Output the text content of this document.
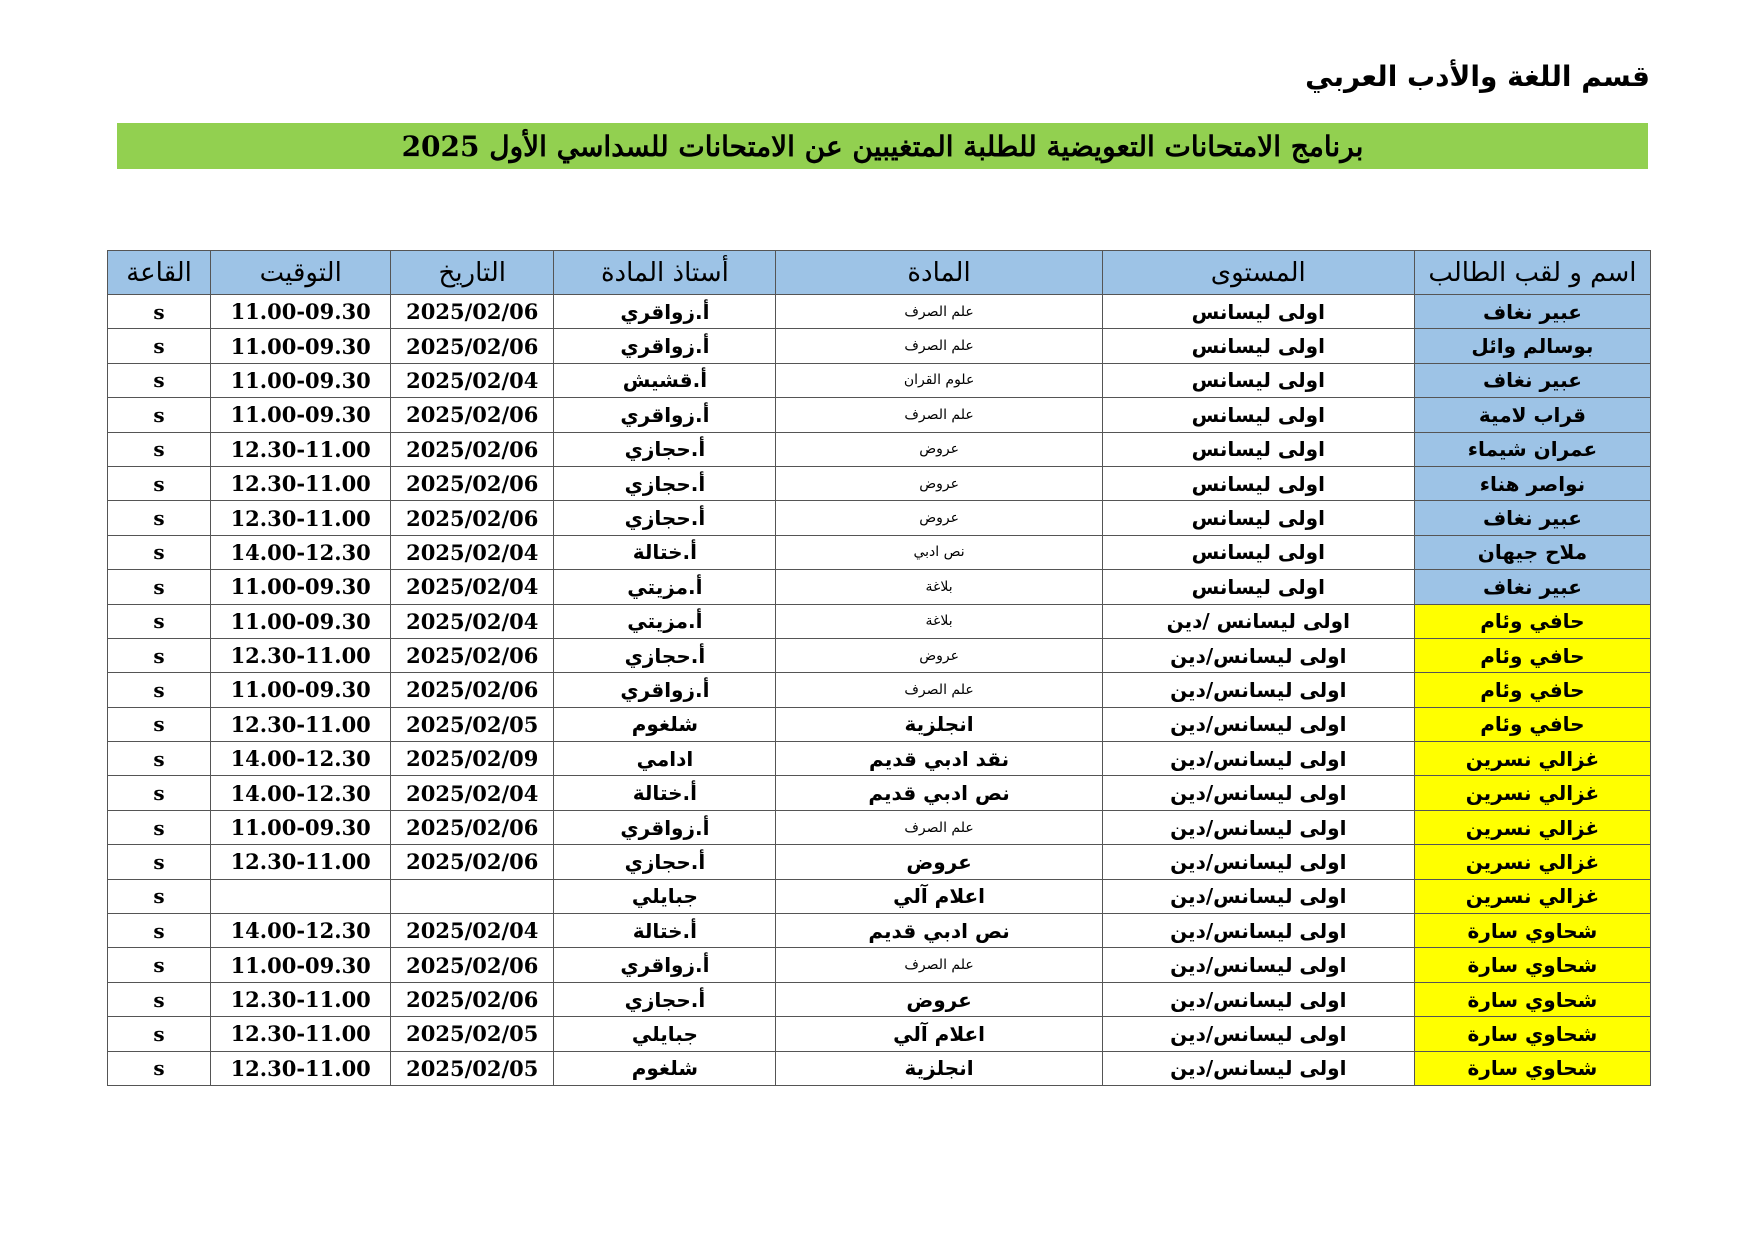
قسم اللغة والأدب العربي
برنامج الامتحانات التعويضية للطلبة المتغيبين عن الامتحانات للسداسي الأول 2025
اسم و لقب الطالب	المستوى	المادة	أستاذ المادة	التاريخ	التوقيت	القاعة
عبير نغاف	اولى ليسانس	علم الصرف	أ.زواقري	2025/02/06	11.00-09.30	s
بوسالم وائل	اولى ليسانس	علم الصرف	أ.زواقري	2025/02/06	11.00-09.30	s
عبير نغاف	اولى ليسانس	علوم القران	أ.قشيش	2025/02/04	11.00-09.30	s
قراب لامية	اولى ليسانس	علم الصرف	أ.زواقري	2025/02/06	11.00-09.30	s
عمران شيماء	اولى ليسانس	عروض	أ.حجازي	2025/02/06	12.30-11.00	s
نواصر هناء	اولى ليسانس	عروض	أ.حجازي	2025/02/06	12.30-11.00	s
عبير نغاف	اولى ليسانس	عروض	أ.حجازي	2025/02/06	12.30-11.00	s
ملاح جيهان	اولى ليسانس	نص ادبي	أ.ختالة	2025/02/04	14.00-12.30	s
عبير نغاف	اولى ليسانس	بلاغة	أ.مزيتي	2025/02/04	11.00-09.30	s
حافي وئام	اولى ليسانس /دين	بلاغة	أ.مزيتي	2025/02/04	11.00-09.30	s
حافي وئام	اولى ليسانس/دين	عروض	أ.حجازي	2025/02/06	12.30-11.00	s
حافي وئام	اولى ليسانس/دين	علم الصرف	أ.زواقري	2025/02/06	11.00-09.30	s
حافي وئام	اولى ليسانس/دين	انجلزية	شلغوم	2025/02/05	12.30-11.00	s
غزالي نسرين	اولى ليسانس/دين	نقد ادبي قديم	ادامي	2025/02/09	14.00-12.30	s
غزالي نسرين	اولى ليسانس/دين	نص ادبي قديم	أ.ختالة	2025/02/04	14.00-12.30	s
غزالي نسرين	اولى ليسانس/دين	علم الصرف	أ.زواقري	2025/02/06	11.00-09.30	s
غزالي نسرين	اولى ليسانس/دين	عروض	أ.حجازي	2025/02/06	12.30-11.00	s
غزالي نسرين	اولى ليسانس/دين	اعلام آلي	جبايلي			s
شحاوي سارة	اولى ليسانس/دين	نص ادبي قديم	أ.ختالة	2025/02/04	14.00-12.30	s
شحاوي سارة	اولى ليسانس/دين	علم الصرف	أ.زواقري	2025/02/06	11.00-09.30	s
شحاوي سارة	اولى ليسانس/دين	عروض	أ.حجازي	2025/02/06	12.30-11.00	s
شحاوي سارة	اولى ليسانس/دين	اعلام آلي	جبايلي	2025/02/05	12.30-11.00	s
شحاوي سارة	اولى ليسانس/دين	انجلزية	شلغوم	2025/02/05	12.30-11.00	s
